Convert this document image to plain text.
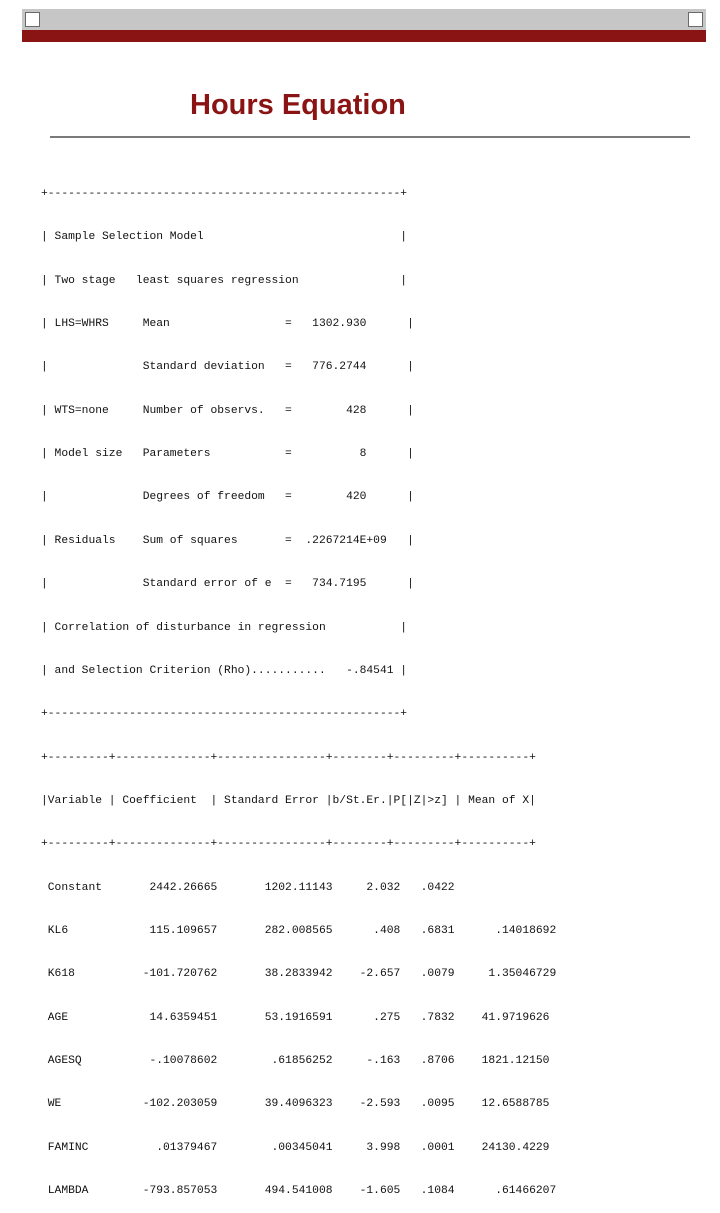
Hours Equation

+----------------------------------------------------+

| Sample Selection Model                             |

| Two stage   least squares regression               |

| LHS=WHRS     Mean                 =   1302.930      |

|              Standard deviation   =   776.2744      |

| WTS=none     Number of observs.   =        428      |

| Model size   Parameters           =          8      |

|              Degrees of freedom   =        420      |

| Residuals    Sum of squares       =  .2267214E+09   |

|              Standard error of e  =   734.7195      |

| Correlation of disturbance in regression           |

| and Selection Criterion (Rho)...........   -.84541 |

+----------------------------------------------------+

+---------+--------------+----------------+--------+---------+----------+

|Variable | Coefficient  | Standard Error |b/St.Er.|P[|Z|>z] | Mean of X|

+---------+--------------+----------------+--------+---------+----------+

Constant       2442.26665       1202.11143     2.032   .0422

KL6            115.109657       282.008565      .408   .6831      .14018692

K618          -101.720762       38.2833942    -2.657   .0079     1.35046729

AGE            14.6359451       53.1916591      .275   .7832    41.9719626

AGESQ          -.10078602        .61856252     -.163   .8706    1821.12150

WE            -102.203059       39.4096323    -2.593   .0095    12.6588785

FAMINC          .01379467        .00345041     3.998   .0001    24130.4229

LAMBDA        -793.857053       494.541008    -1.605   .1084      .61466207
